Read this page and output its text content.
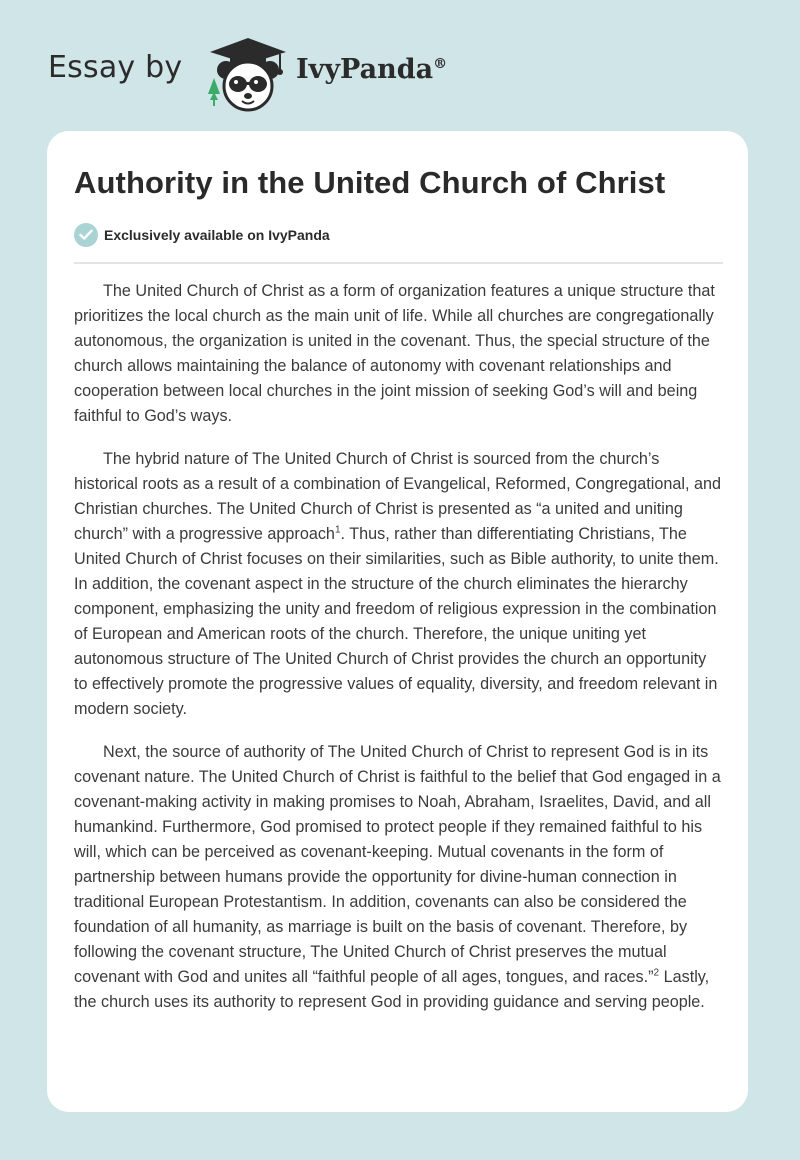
Essay by	IvyPanda®
Authority in the United Church of Christ
Exclusively available on IvyPanda

The United Church of Christ as a form of organization features a unique structure that prioritizes the local church as the main unit of life. While all churches are congregationally autonomous, the organization is united in the covenant. Thus, the special structure of the church allows maintaining the balance of autonomy with covenant relationships and cooperation between local churches in the joint mission of seeking God’s will and being faithful to God’s ways.

The hybrid nature of The United Church of Christ is sourced from the church’s historical roots as a result of a combination of Evangelical, Reformed, Congregational, and Christian churches. The United Church of Christ is presented as “a united and uniting church” with a progressive approach$^1$. Thus, rather than differentiating Christians, The United Church of Christ focuses on their similarities, such as Bible authority, to unite them. In addition, the covenant aspect in the structure of the church eliminates the hierarchy component, emphasizing the unity and freedom of religious expression in the combination of European and American roots of the church. Therefore, the unique uniting yet autonomous structure of The United Church of Christ provides the church an opportunity to effectively promote the progressive values of equality, diversity, and freedom relevant in modern society.

Next, the source of authority of The United Church of Christ to represent God is in its covenant nature. The United Church of Christ is faithful to the belief that God engaged in a covenant-making activity in making promises to Noah, Abraham, Israelites, David, and all humankind. Furthermore, God promised to protect people if they remained faithful to his will, which can be perceived as covenant-keeping. Mutual covenants in the form of partnership between humans provide the opportunity for divine-human connection in traditional European Protestantism. In addition, covenants can also be considered the foundation of all humanity, as marriage is built on the basis of covenant. Therefore, by following the covenant structure, The United Church of Christ preserves the mutual covenant with God and unites all “faithful people of all ages, tongues, and races.”$^2$ Lastly, the church uses its authority to represent God in providing guidance and serving people.
